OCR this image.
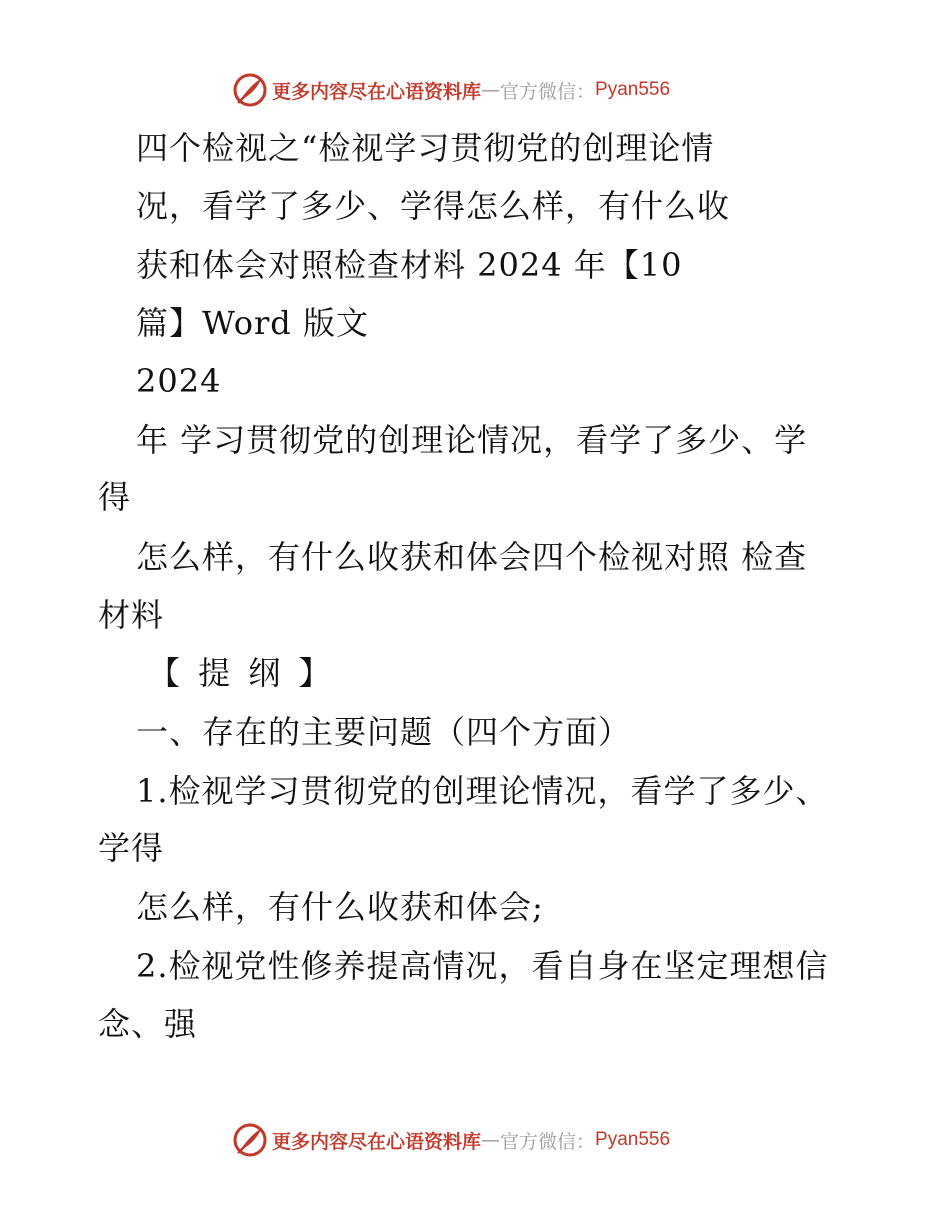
更多内容尽在心语资料库 — 官方微信： Pyan556
四个检视之“检视学习贯彻党的创理论情
况，看学了多少、学得怎么样，有什么收
获和体会对照检查材料 2024 年【10
篇】Word 版文
2024
年 学习贯彻党的创理论情况，看学了多少、学
得
怎么样，有什么收获和体会四个检视对照 检查
材料
【 提 纲 】
一、存在的主要问题（四个方面）
1.检视学习贯彻党的创理论情况，看学了多少、
学得
怎么样，有什么收获和体会;
2.检视党性修养提高情况，看自身在坚定理想信
念、强
更多内容尽在心语资料库 — 官方微信： Pyan556
